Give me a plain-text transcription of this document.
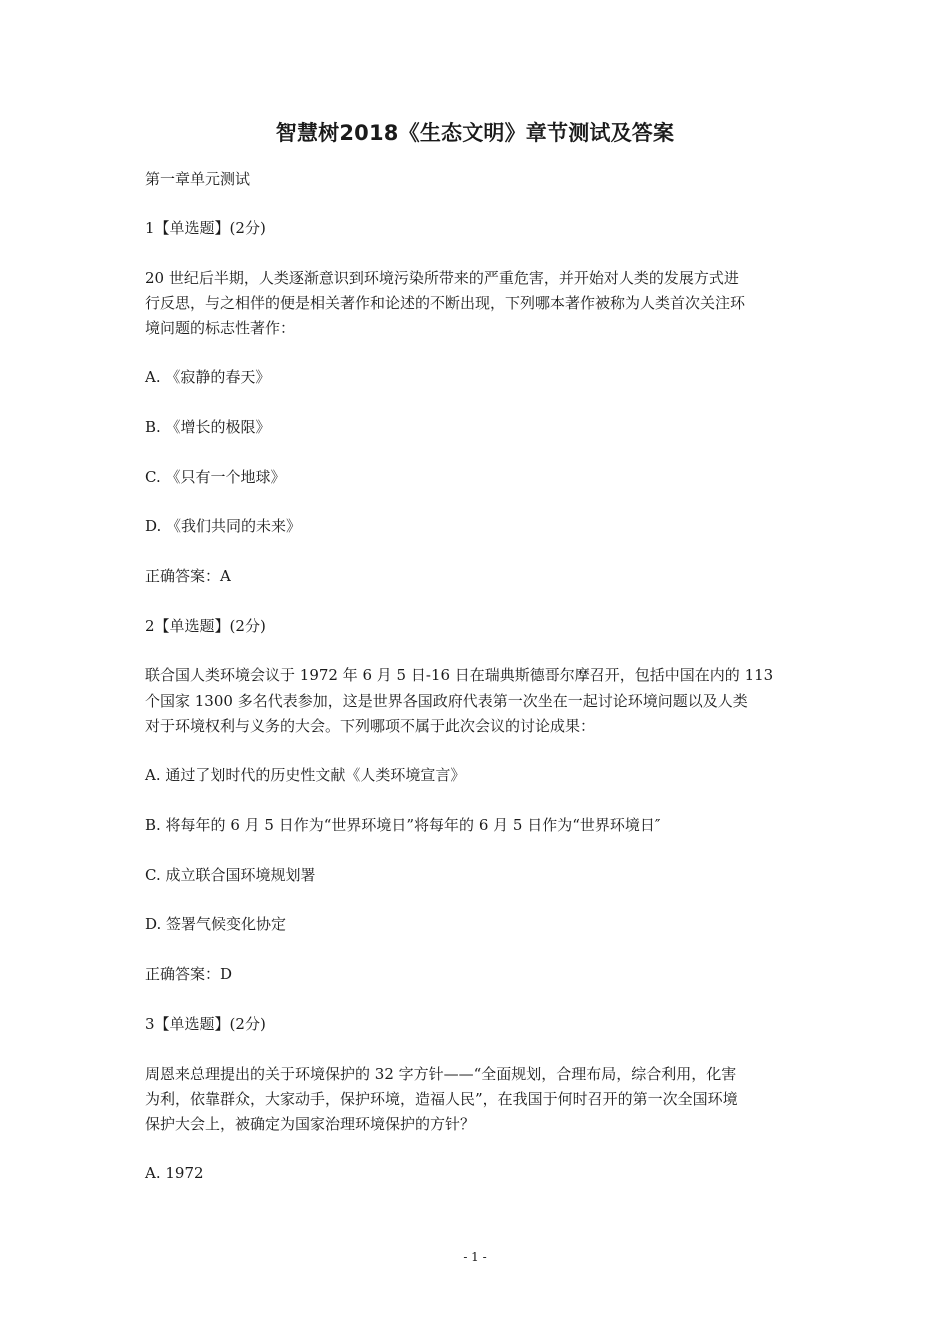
智慧树2018《生态文明》章节测试及答案
第一章单元测试
1【单选题】(2分)
20 世纪后半期，人类逐渐意识到环境污染所带来的严重危害，并开始对人类的发展方式进
行反思，与之相伴的便是相关著作和论述的不断出现，下列哪本著作被称为人类首次关注环
境问题的标志性著作：
A. 《寂静的春天》
B. 《增长的极限》
C. 《只有一个地球》
D. 《我们共同的未来》
正确答案：A
2【单选题】(2分)
联合国人类环境会议于 1972 年 6 月 5 日-16 日在瑞典斯德哥尔摩召开，包括中国在内的 113
个国家 1300 多名代表参加，这是世界各国政府代表第一次坐在一起讨论环境问题以及人类
对于环境权利与义务的大会。下列哪项不属于此次会议的讨论成果：
A. 通过了划时代的历史性文献《人类环境宣言》
B. 将每年的 6 月 5 日作为“世界环境日”将每年的 6 月 5 日作为“世界环境日″
C. 成立联合国环境规划署
D. 签署气候变化协定
正确答案：D
3【单选题】(2分)
周恩来总理提出的关于环境保护的 32 字方针——“全面规划，合理布局，综合利用，化害
为利，依靠群众，大家动手，保护环境，造福人民”，在我国于何时召开的第一次全国环境
保护大会上，被确定为国家治理环境保护的方针？
A. 1972
- 1 -
